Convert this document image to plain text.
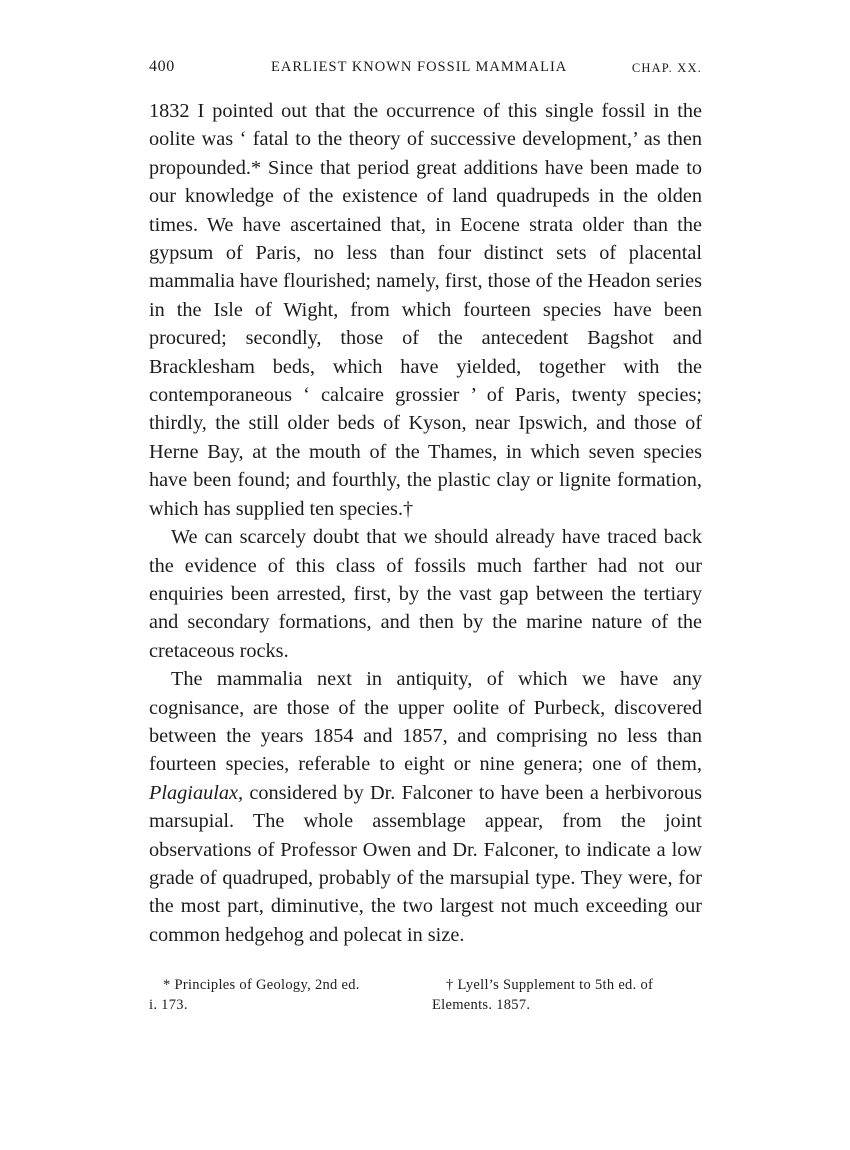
400	EARLIEST KNOWN FOSSIL MAMMALIA	CHAP. XX.

1832 I pointed out that the occurrence of this single fossil in the oolite was ‘ fatal to the theory of successive development,’ as then propounded.* Since that period great additions have been made to our knowledge of the existence of land quadrupeds in the olden times. We have ascertained that, in Eocene strata older than the gypsum of Paris, no less than four distinct sets of placental mammalia have flourished; namely, first, those of the Headon series in the Isle of Wight, from which fourteen species have been procured; secondly, those of the antecedent Bagshot and Bracklesham beds, which have yielded, together with the contemporaneous ‘ calcaire grossier ’ of Paris, twenty species; thirdly, the still older beds of Kyson, near Ipswich, and those of Herne Bay, at the mouth of the Thames, in which seven species have been found; and fourthly, the plastic clay or lignite formation, which has supplied ten species.†

We can scarcely doubt that we should already have traced back the evidence of this class of fossils much farther had not our enquiries been arrested, first, by the vast gap between the tertiary and secondary formations, and then by the marine nature of the cretaceous rocks.

The mammalia next in antiquity, of which we have any cognisance, are those of the upper oolite of Purbeck, discovered between the years 1854 and 1857, and comprising no less than fourteen species, referable to eight or nine genera; one of them, Plagiaulax, considered by Dr. Falconer to have been a herbivorous marsupial. The whole assemblage appear, from the joint observations of Professor Owen and Dr. Falconer, to indicate a low grade of quadruped, probably of the marsupial type. They were, for the most part, diminutive, the two largest not much exceeding our common hedgehog and polecat in size.

* Principles of Geology, 2nd ed.
i. 173.
† Lyell’s Supplement to 5th ed. of
Elements. 1857.
